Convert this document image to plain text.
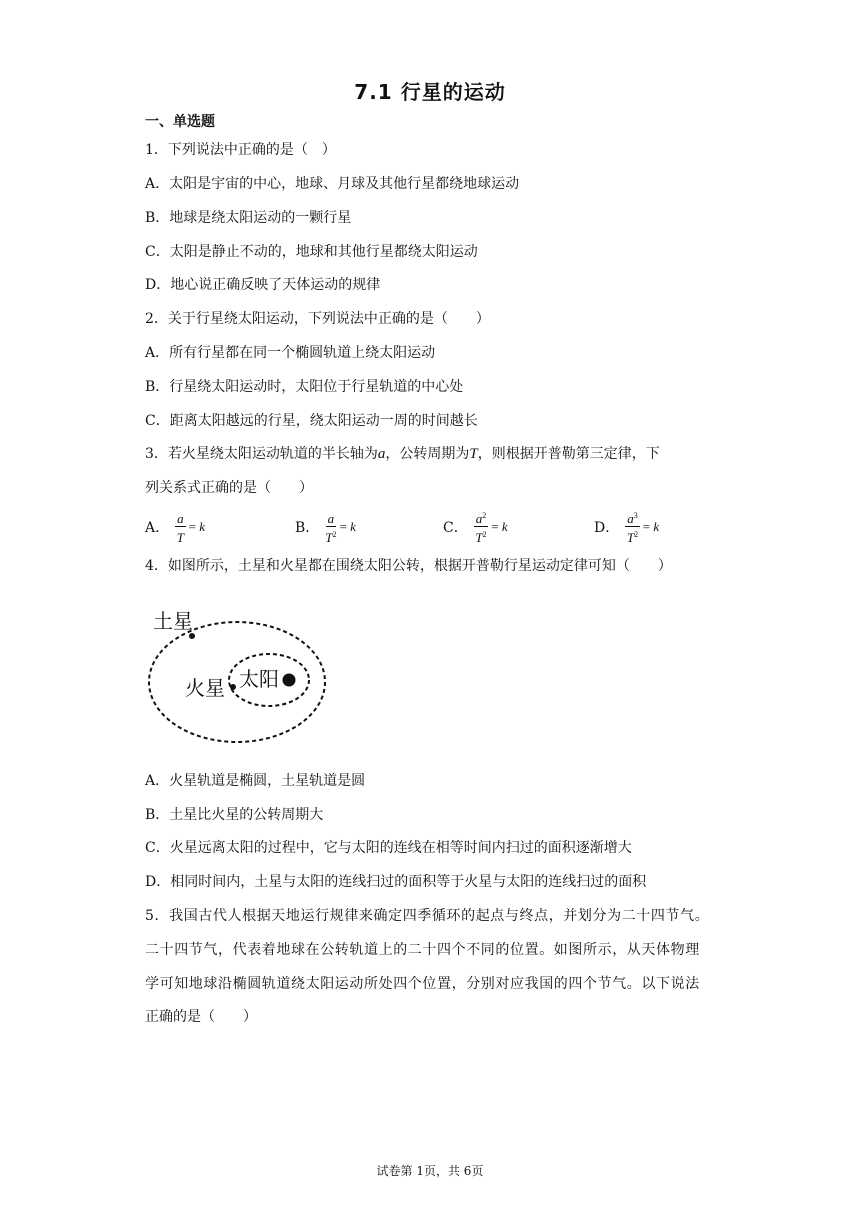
7.1 行星的运动
一、单选题
1．下列说法中正确的是（　）
A．太阳是宇宙的中心，地球、月球及其他行星都绕地球运动
B．地球是绕太阳运动的一颗行星
C．太阳是静止不动的，地球和其他行星都绕太阳运动
D．地心说正确反映了天体运动的规律
2．关于行星绕太阳运动，下列说法中正确的是（　　）
A．所有行星都在同一个椭圆轨道上绕太阳运动
B．行星绕太阳运动时，太阳位于行星轨道的中心处
C．距离太阳越远的行星，绕太阳运动一周的时间越长
3．若火星绕太阳运动轨道的半长轴为a，公转周期为T，则根据开普勒第三定律，下
列关系式正确的是（　　）
A． $\frac{a}{T} = k$	B． $\frac{a}{T^2} = k$	C． $\frac{a^2}{T^2} = k$	D． $\frac{a^3}{T^2} = k$
4．如图所示，土星和火星都在围绕太阳公转，根据开普勒行星运动定律可知（　　）
土星
火星 太阳
A．火星轨道是椭圆，土星轨道是圆
B．土星比火星的公转周期大
C．火星远离太阳的过程中，它与太阳的连线在相等时间内扫过的面积逐渐增大
D．相同时间内，土星与太阳的连线扫过的面积等于火星与太阳的连线扫过的面积
5．我国古代人根据天地运行规律来确定四季循环的起点与终点，并划分为二十四节气。
二十四节气，代表着地球在公转轨道上的二十四个不同的位置。如图所示，从天体物理
学可知地球沿椭圆轨道绕太阳运动所处四个位置，分别对应我国的四个节气。以下说法
正确的是（　　）
试卷第 1页，共 6页
